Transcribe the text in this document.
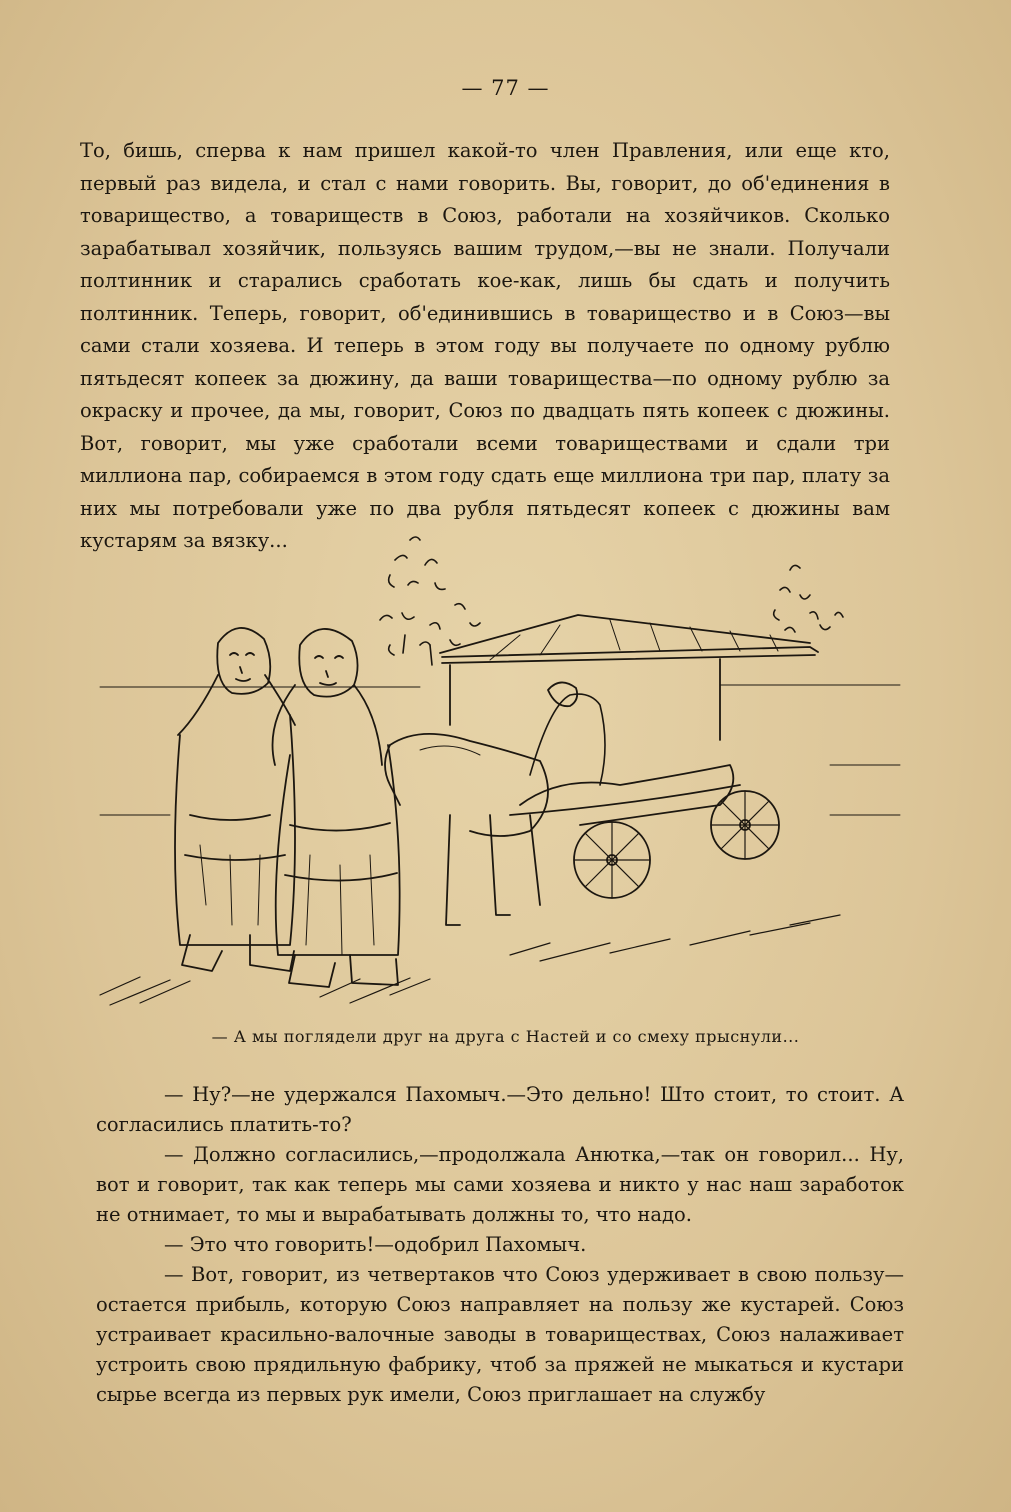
— 77 —

То, бишь, сперва к нам пришел какой-то член Правления, или еще кто, первый раз видела, и стал с нами говорить. Вы, говорит, до об'единения в товарищество, а товариществ в Союз, работали на хозяйчиков. Сколько зарабатывал хозяйчик, пользуясь вашим трудом,—вы не знали. Получали полтинник и старались сработать кое-как, лишь бы сдать и получить полтинник. Теперь, говорит, об'единившись в товарищество и в Союз—вы сами стали хозяева. И теперь в этом году вы получаете по одному рублю пятьдесят копеек за дюжину, да ваши товарищества—по одному рублю за окраску и прочее, да мы, говорит, Союз по двадцать пять копеек с дюжины. Вот, говорит, мы уже сработали всеми товариществами и сдали три миллиона пар, собираемся в этом году сдать еще миллиона три пар, плату за них мы потребовали уже по два рубля пятьдесят копеек с дюжины вам кустарям за вязку...

— А мы поглядели друг на друга с Настей и со смеху прыснули...

— Ну?—не удержался Пахомыч.—Это дельно! Што стоит, то стоит. А согласились платить-то?

— Должно согласились,—продолжала Анютка,—так он говорил... Ну, вот и говорит, так как теперь мы сами хозяева и никто у нас наш заработок не отнимает, то мы и вырабатывать должны то, что надо.

— Это что говорить!—одобрил Пахомыч.

— Вот, говорит, из четвертаков что Союз удерживает в свою пользу—остается прибыль, которую Союз направляет на пользу же кустарей. Союз устраивает красильно-валочные заводы в товариществах, Союз налаживает устроить свою прядильную фабрику, чтоб за пряжей не мыкаться и кустари сырье всегда из первых рук имели, Союз приглашает на службу
